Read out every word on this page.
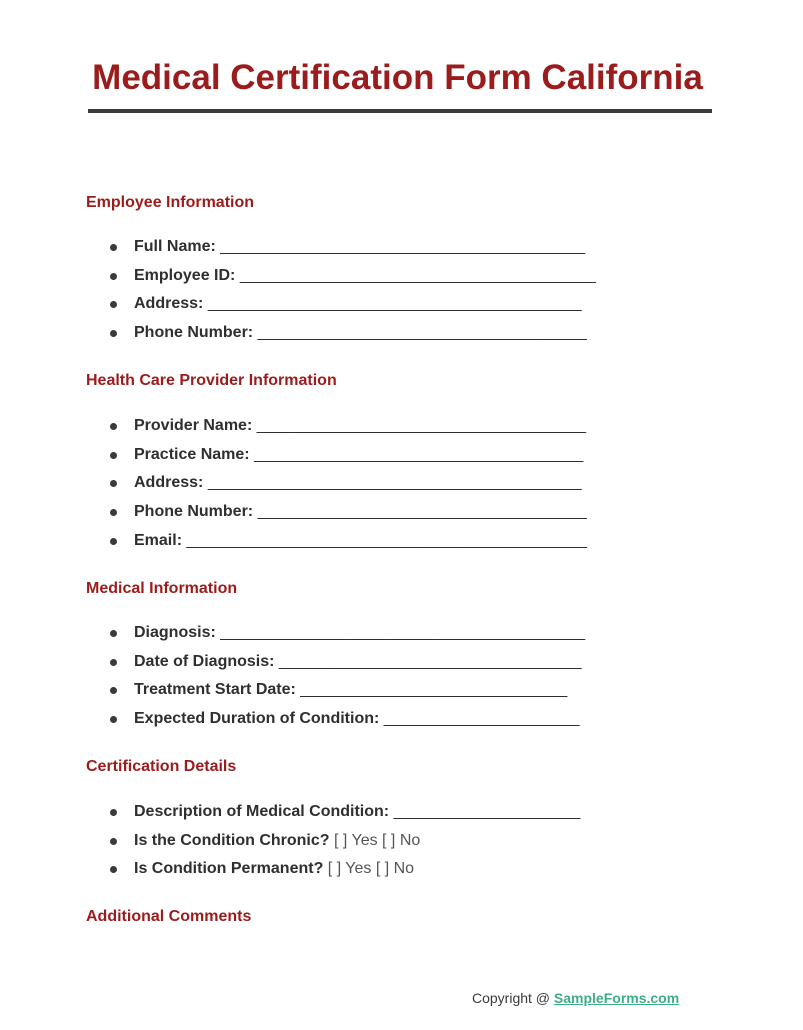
Medical Certification Form California
Employee Information
Full Name: _________________________________________
Employee ID: ________________________________________
Address: __________________________________________
Phone Number: _____________________________________
Health Care Provider Information
Provider Name: _____________________________________
Practice Name: _____________________________________
Address: __________________________________________
Phone Number: _____________________________________
Email: _____________________________________________
Medical Information
Diagnosis: _________________________________________
Date of Diagnosis: __________________________________
Treatment Start Date: ______________________________
Expected Duration of Condition: ______________________
Certification Details
Description of Medical Condition: _____________________
Is the Condition Chronic? [ ] Yes [ ] No
Is Condition Permanent? [ ] Yes [ ] No
Additional Comments
Copyright @ SampleForms.com
